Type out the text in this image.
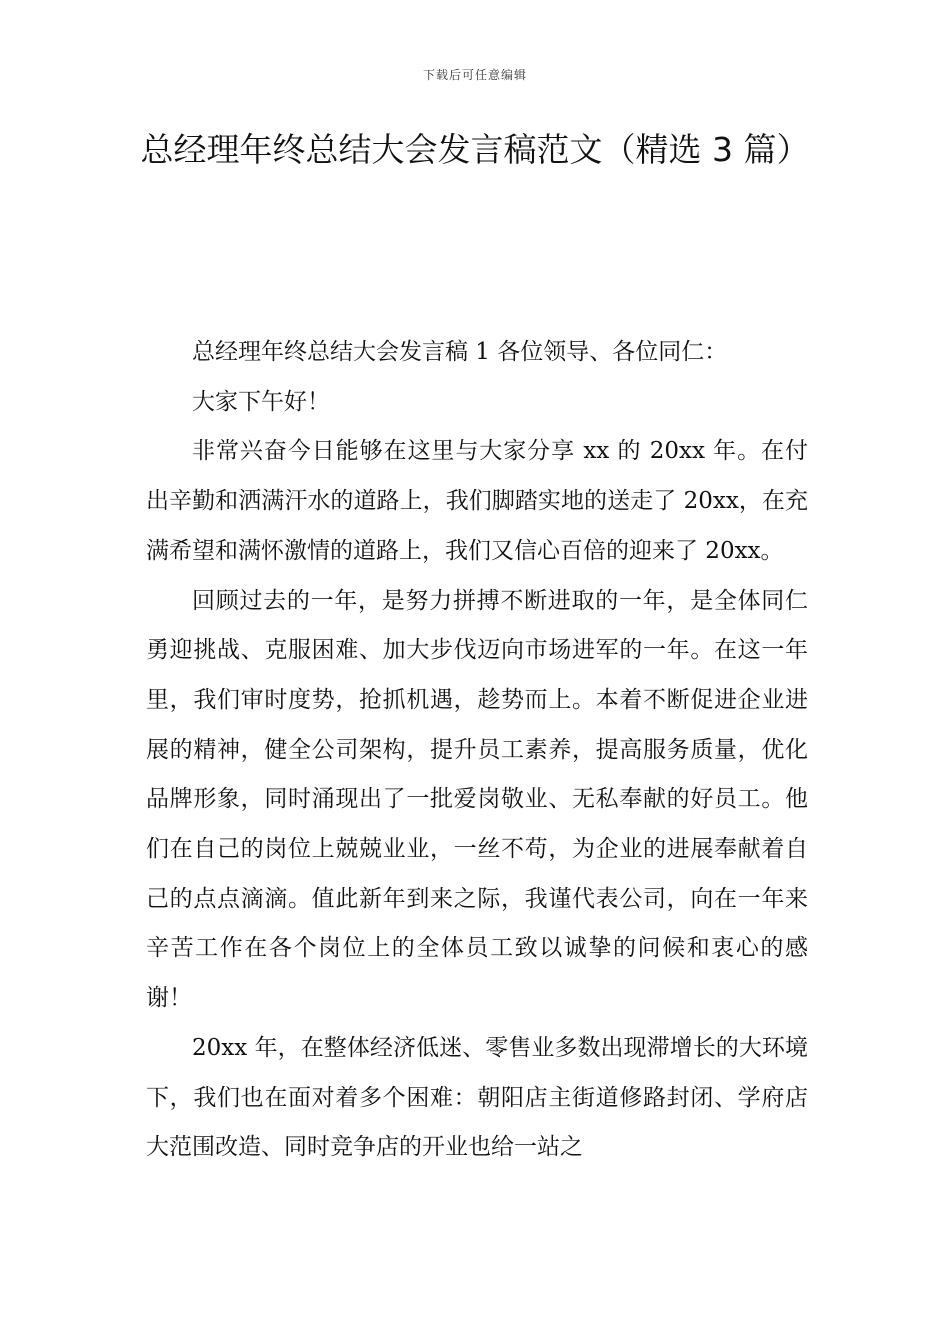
下载后可任意编辑
总经理年终总结大会发言稿范文（精选 3 篇）

总经理年终总结大会发言稿 1 各位领导、各位同仁：

大家下午好！

非常兴奋今日能够在这里与大家分享 xx 的 20xx 年。在付出辛勤和洒满汗水的道路上，我们脚踏实地的送走了 20xx，在充满希望和满怀激情的道路上，我们又信心百倍的迎来了 20xx。

回顾过去的一年，是努力拼搏不断进取的一年，是全体同仁勇迎挑战、克服困难、加大步伐迈向市场进军的一年。在这一年里，我们审时度势，抢抓机遇，趁势而上。本着不断促进企业进展的精神，健全公司架构，提升员工素养，提高服务质量，优化品牌形象，同时涌现出了一批爱岗敬业、无私奉献的好员工。他们在自己的岗位上兢兢业业，一丝不苟，为企业的进展奉献着自己的点点滴滴。值此新年到来之际，我谨代表公司，向在一年来辛苦工作在各个岗位上的全体员工致以诚挚的问候和衷心的感谢！

20xx 年，在整体经济低迷、零售业多数出现滞增长的大环境下，我们也在面对着多个困难：朝阳店主街道修路封闭、学府店大范围改造、同时竞争店的开业也给一站之
